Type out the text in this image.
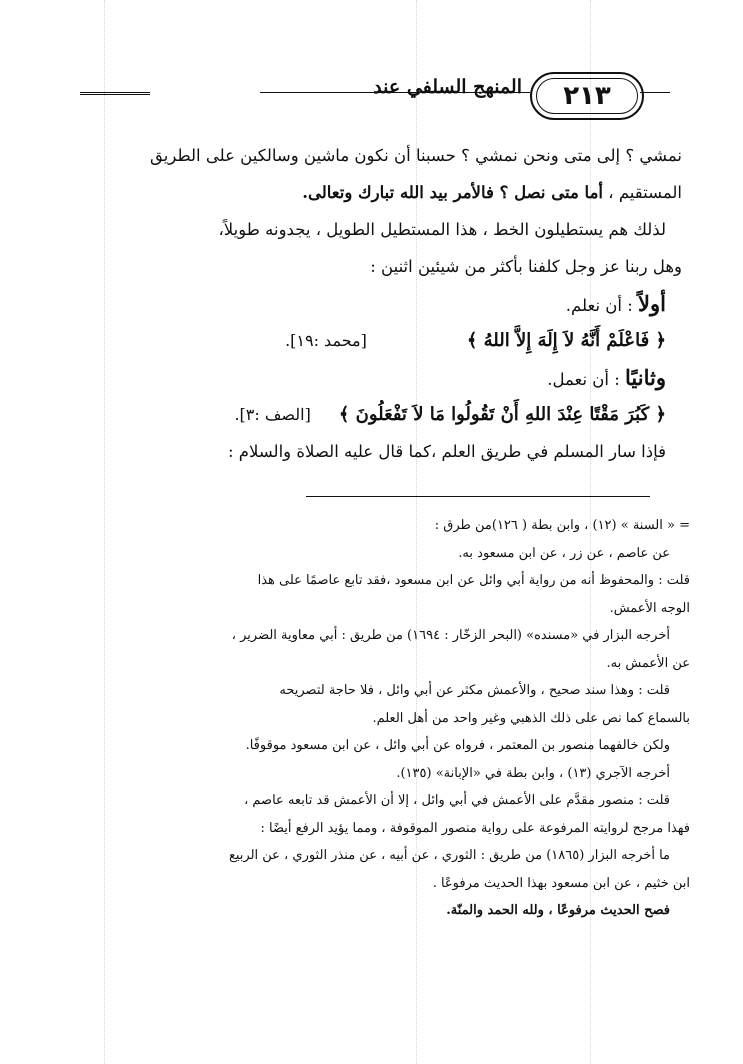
المنهج السلفي عند ٢١٣
نمشي ؟ إلى متى ونحن نمشي ؟ حسبنا أن نكون ماشين وسالكين على الطريق
المستقيم ، أما متى نصل ؟ فالأمر بيد الله تبارك وتعالى.
لذلك هم يستطيلون الخط ، هذا المستطيل الطويل ، يجدونه طويلاً،
وهل ربنا عز وجل كلفنا بأكثر من شيئين اثنين :
أولاً : أن نعلم.
﴿ فَاعْلَمْ أَنَّهُ لاَ إِلَهَ إِلاَّ اللهُ ﴾[محمد :١٩].
وثانيًا : أن نعمل.
﴿ كَبُرَ مَقْتًا عِنْدَ اللهِ أَنْ تَقُولُوا مَا لاَ تَفْعَلُونَ ﴾[الصف :٣].
فإذا سار المسلم في طريق العلم ،كما قال عليه الصلاة والسلام :
= « السنة » (١٢) ، وابن بطة ( ١٢٦)من طرق :
عن عاصم ، عن زر ، عن ابن مسعود به.
قلت : والمحفوظ أنه من رواية أبي وائل عن ابن مسعود ،فقد تابع عاصمًا على هذا
الوجه الأعمش.
أخرجه البزار في «مسنده» (البحر الزخّار : ١٦٩٤) من طريق : أبي معاوية الضرير ،
عن الأعمش به.
قلت : وهذا سند صحيح ، والأعمش مكثر عن أبي وائل ، فلا حاجة لتصريحه
بالسماع كما نص على ذلك الذهبي وغير واحد من أهل العلم.
ولكن خالفهما منصور بن المعتمر ، فرواه عن أبي وائل ، عن ابن مسعود موقوفًا.
أخرجه الآجري (١٣) ، وابن بطة في «الإبانة» (١٣٥).
قلت : منصور مقدَّم على الأعمش في أبي وائل ، إلا أن الأعمش قد تابعه عاصم ،
فهذا مرجح لروايته المرفوعة على رواية منصور الموقوفة ، ومما يؤيد الرفع أيضًا :
ما أخرجه البزار (١٨٦٥) من طريق : الثوري ، عن أبيه ، عن منذر الثوري ، عن الربيع
ابن خثيم ، عن ابن مسعود بهذا الحديث مرفوعًا .
فصح الحديث مرفوعًا ، ولله الحمد والمنّة.
